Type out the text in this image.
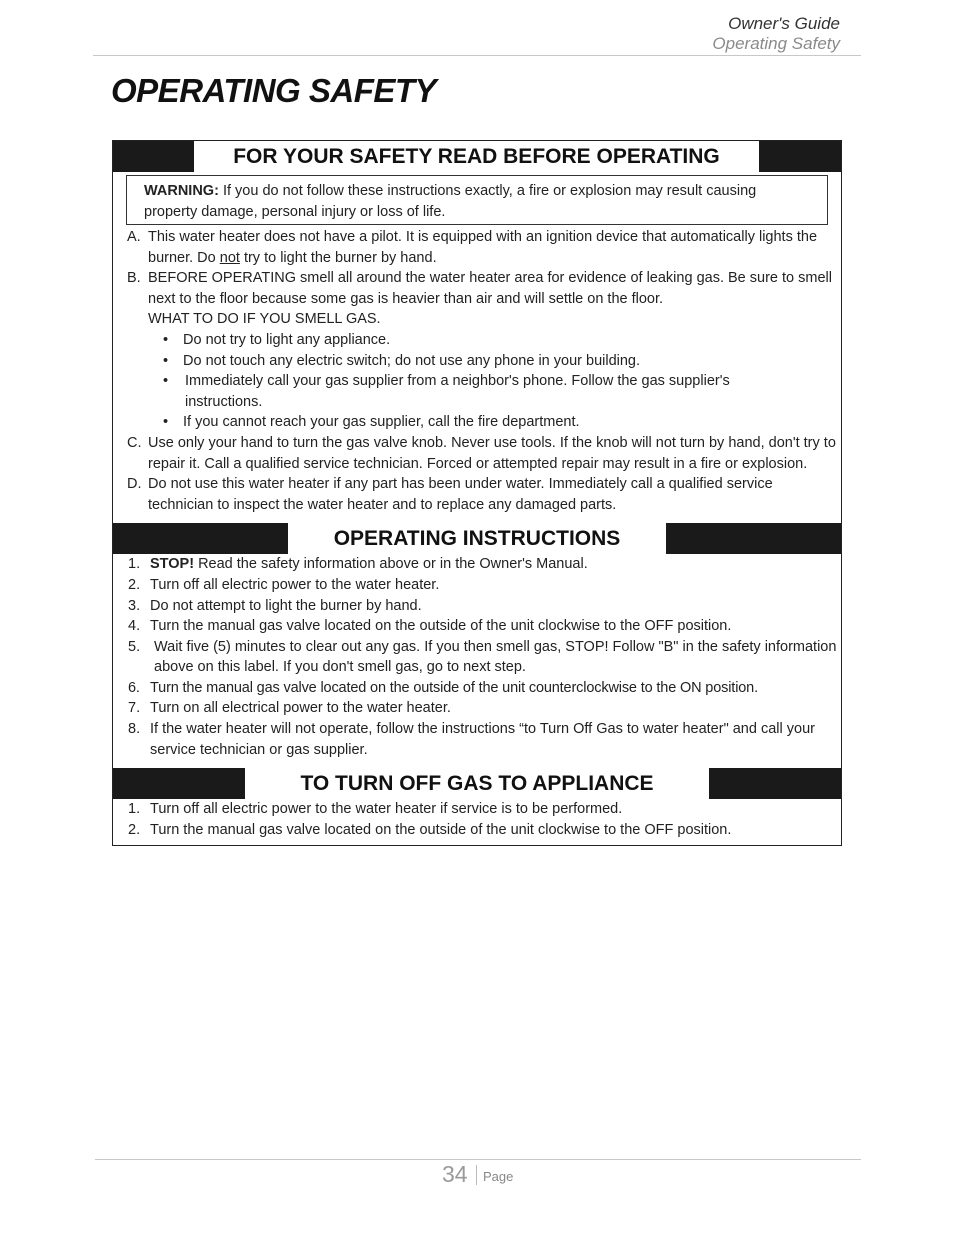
Owner's Guide
Operating Safety
OPERATING SAFETY
FOR YOUR SAFETY READ BEFORE OPERATING
WARNING: If you do not follow these instructions exactly, a fire or explosion may result causing property damage, personal injury or loss of life.
A. This water heater does not have a pilot. It is equipped with an ignition device that automatically lights the burner. Do not try to light the burner by hand.
B. BEFORE OPERATING smell all around the water heater area for evidence of leaking gas. Be sure to smell next to the floor because some gas is heavier than air and will settle on the floor.
WHAT TO DO IF YOU SMELL GAS.
• Do not try to light any appliance.
• Do not touch any electric switch; do not use any phone in your building.
• Immediately call your gas supplier from a neighbor's phone. Follow the gas supplier's instructions.
• If you cannot reach your gas supplier, call the fire department.
C. Use only your hand to turn the gas valve knob. Never use tools. If the knob will not turn by hand, don't try to repair it. Call a qualified service technician. Forced or attempted repair may result in a fire or explosion.
D. Do not use this water heater if any part has been under water. Immediately call a qualified service technician to inspect the water heater and to replace any damaged parts.
OPERATING INSTRUCTIONS
1. STOP! Read the safety information above or in the Owner's Manual.
2. Turn off all electric power to the water heater.
3. Do not attempt to light the burner by hand.
4. Turn the manual gas valve located on the outside of the unit clockwise to the OFF position.
5. Wait five (5) minutes to clear out any gas. If you then smell gas, STOP! Follow "B" in the safety information above on this label. If you don't smell gas, go to next step.
6. Turn the manual gas valve located on the outside of the unit counterclockwise to the ON position.
7. Turn on all electrical power to the water heater.
8. If the water heater will not operate, follow the instructions “to Turn Off Gas to water heater" and call your service technician or gas supplier.
TO TURN OFF GAS TO APPLIANCE
1. Turn off all electric power to the water heater if service is to be performed.
2. Turn the manual gas valve located on the outside of the unit clockwise to the OFF position.
34 Page
